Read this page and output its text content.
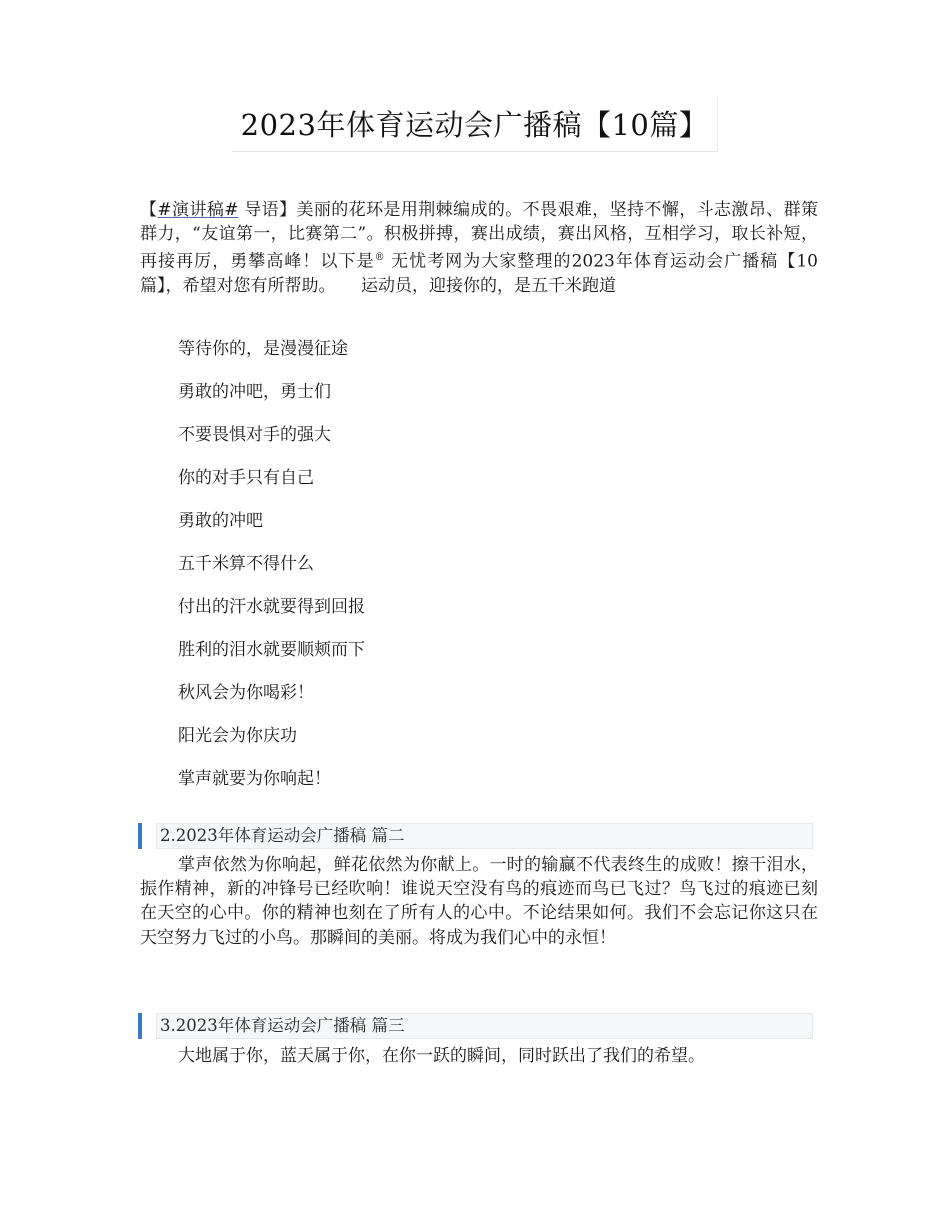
2023年体育运动会广播稿【10篇】
【#演讲稿# 导语】美丽的花环是用荆棘编成的。不畏艰难，坚持不懈，斗志激昂、群策群力，“友谊第一，比赛第二”。积极拼搏，赛出成绩，赛出风格，互相学习，取长补短，再接再厉，勇攀高峰！以下是® 无忧考网为大家整理的2023年体育运动会广播稿【10篇】，希望对您有所帮助。　　运动员，迎接你的，是五千米跑道
等待你的，是漫漫征途
勇敢的冲吧，勇士们
不要畏惧对手的强大
你的对手只有自己
勇敢的冲吧
五千米算不得什么
付出的汗水就要得到回报
胜利的泪水就要顺颊而下
秋风会为你喝彩！
阳光会为你庆功
掌声就要为你响起！
2.2023年体育运动会广播稿 篇二
掌声依然为你响起，鲜花依然为你献上。一时的输赢不代表终生的成败！擦干泪水，振作精神，新的冲锋号已经吹响！谁说天空没有鸟的痕迹而鸟已飞过？鸟飞过的痕迹已刻在天空的心中。你的精神也刻在了所有人的心中。不论结果如何。我们不会忘记你这只在天空努力飞过的小鸟。那瞬间的美丽。将成为我们心中的永恒！
3.2023年体育运动会广播稿 篇三
大地属于你，蓝天属于你，在你一跃的瞬间，同时跃出了我们的希望。
